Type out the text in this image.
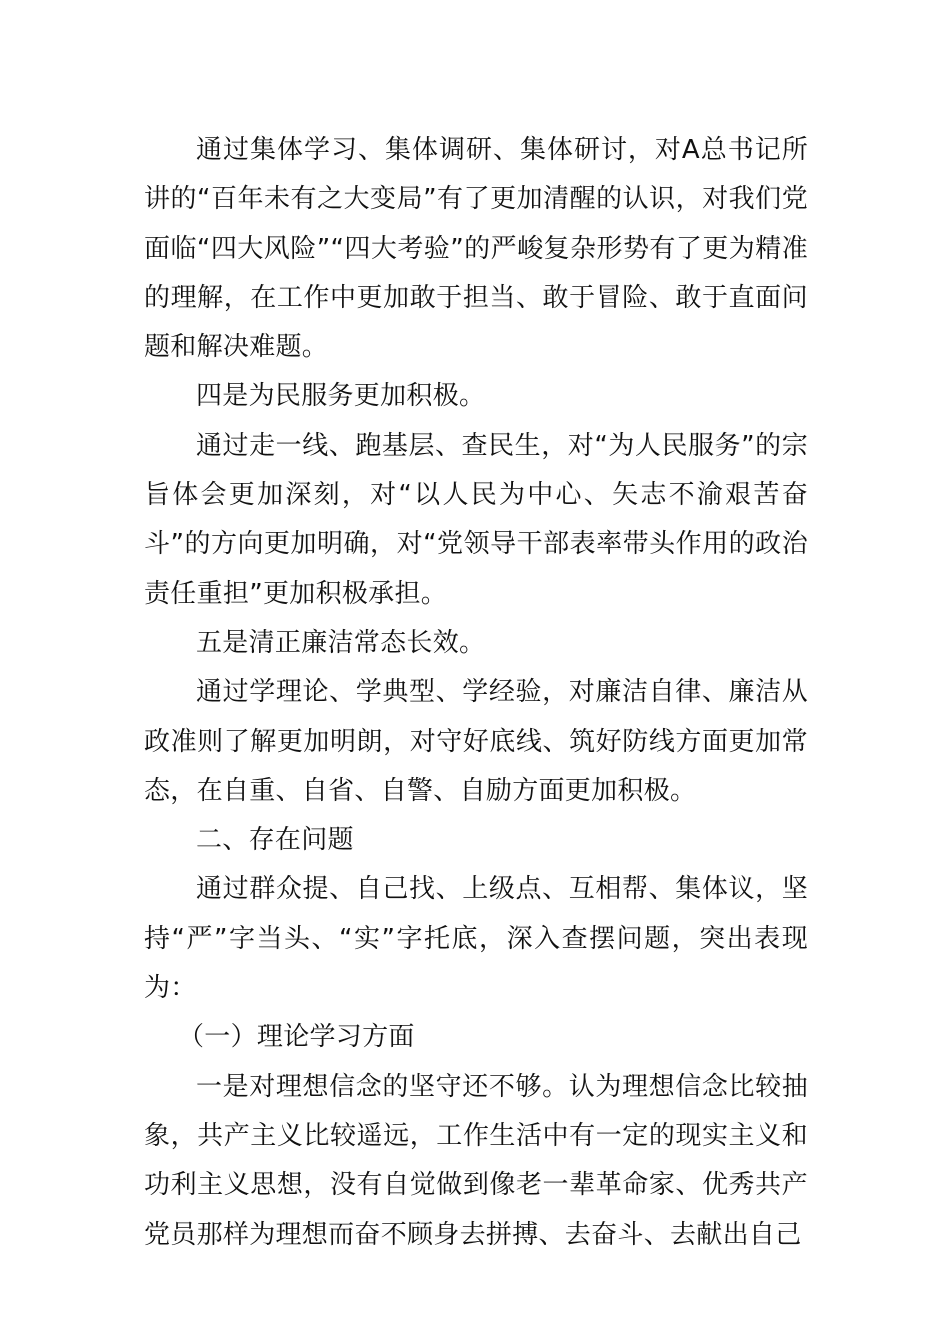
通过集体学习、集体调研、集体研讨，对A总书记所讲的“百年未有之大变局”有了更加清醒的认识，对我们党面临“四大风险”“四大考验”的严峻复杂形势有了更为精准的理解，在工作中更加敢于担当、敢于冒险、敢于直面问题和解决难题。

四是为民服务更加积极。

通过走一线、跑基层、查民生，对“为人民服务”的宗旨体会更加深刻，对“以人民为中心、矢志不渝艰苦奋斗”的方向更加明确，对“党领导干部表率带头作用的政治责任重担”更加积极承担。

五是清正廉洁常态长效。

通过学理论、学典型、学经验，对廉洁自律、廉洁从政准则了解更加明朗，对守好底线、筑好防线方面更加常态，在自重、自省、自警、自励方面更加积极。

二、存在问题

通过群众提、自己找、上级点、互相帮、集体议，坚持“严”字当头、“实”字托底，深入查摆问题，突出表现为：

（一）理论学习方面

一是对理想信念的坚守还不够。认为理想信念比较抽象，共产主义比较遥远，工作生活中有一定的现实主义和功利主义思想，没有自觉做到像老一辈革命家、优秀共产党员那样为理想而奋不顾身去拼搏、去奋斗、去献出自己
